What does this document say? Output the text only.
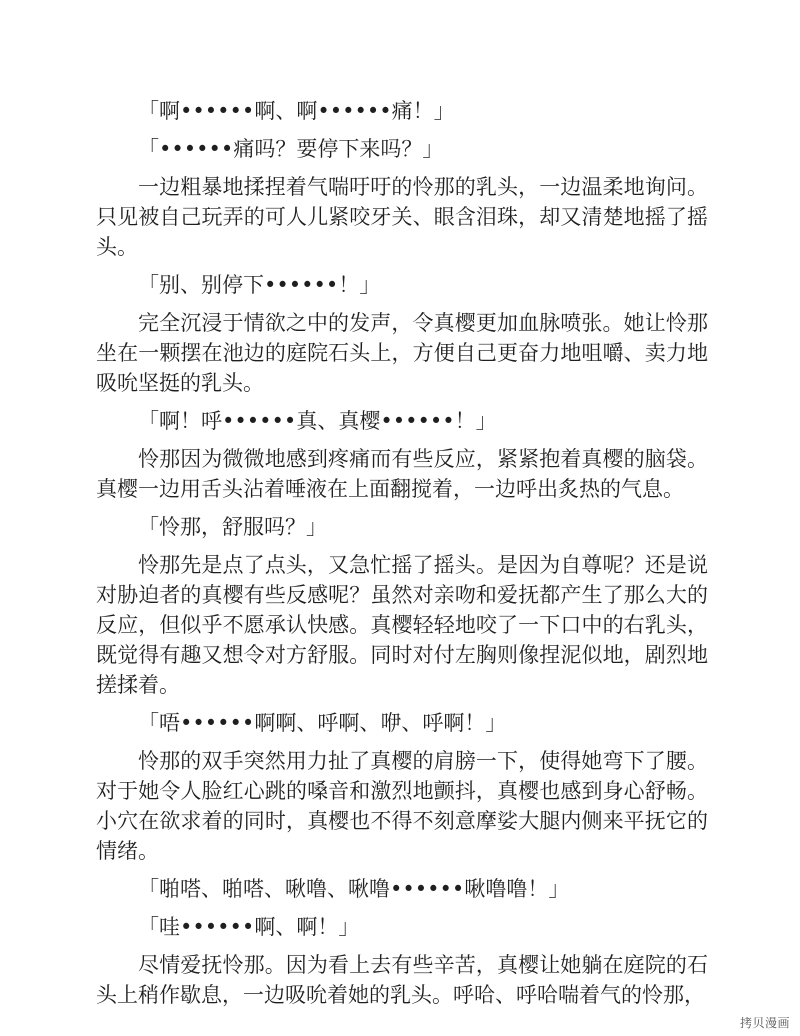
「啊••••••啊、啊••••••痛！」

「••••••痛吗？要停下来吗？」

一边粗暴地揉捏着气喘吁吁的怜那的乳头，一边温柔地询问。只见被自己玩弄的可人儿紧咬牙关、眼含泪珠，却又清楚地摇了摇头。

「别、别停下••••••！」

完全沉浸于情欲之中的发声，令真樱更加血脉喷张。她让怜那坐在一颗摆在池边的庭院石头上，方便自己更奋力地咀嚼、卖力地吸吮坚挺的乳头。

「啊！呼••••••真、真樱••••••！」

怜那因为微微地感到疼痛而有些反应，紧紧抱着真樱的脑袋。真樱一边用舌头沾着唾液在上面翻搅着，一边呼出炙热的气息。

「怜那，舒服吗？」

怜那先是点了点头，又急忙摇了摇头。是因为自尊呢？还是说对胁迫者的真樱有些反感呢？虽然对亲吻和爱抚都产生了那么大的反应，但似乎不愿承认快感。真樱轻轻地咬了一下口中的右乳头，既觉得有趣又想令对方舒服。同时对付左胸则像捏泥似地，剧烈地搓揉着。

「唔••••••啊啊、呼啊、咿、呼啊！」

怜那的双手突然用力扯了真樱的肩膀一下，使得她弯下了腰。对于她令人脸红心跳的嗓音和激烈地颤抖，真樱也感到身心舒畅。小穴在欲求着的同时，真樱也不得不刻意摩娑大腿内侧来平抚它的情绪。

「啪嗒、啪嗒、啾噜、啾噜••••••啾噜噜！」

「哇••••••啊、啊！」

尽情爱抚怜那。因为看上去有些辛苦，真樱让她躺在庭院的石头上稍作歇息，一边吸吮着她的乳头。呼哈、呼哈喘着气的怜那，

拷贝漫画
